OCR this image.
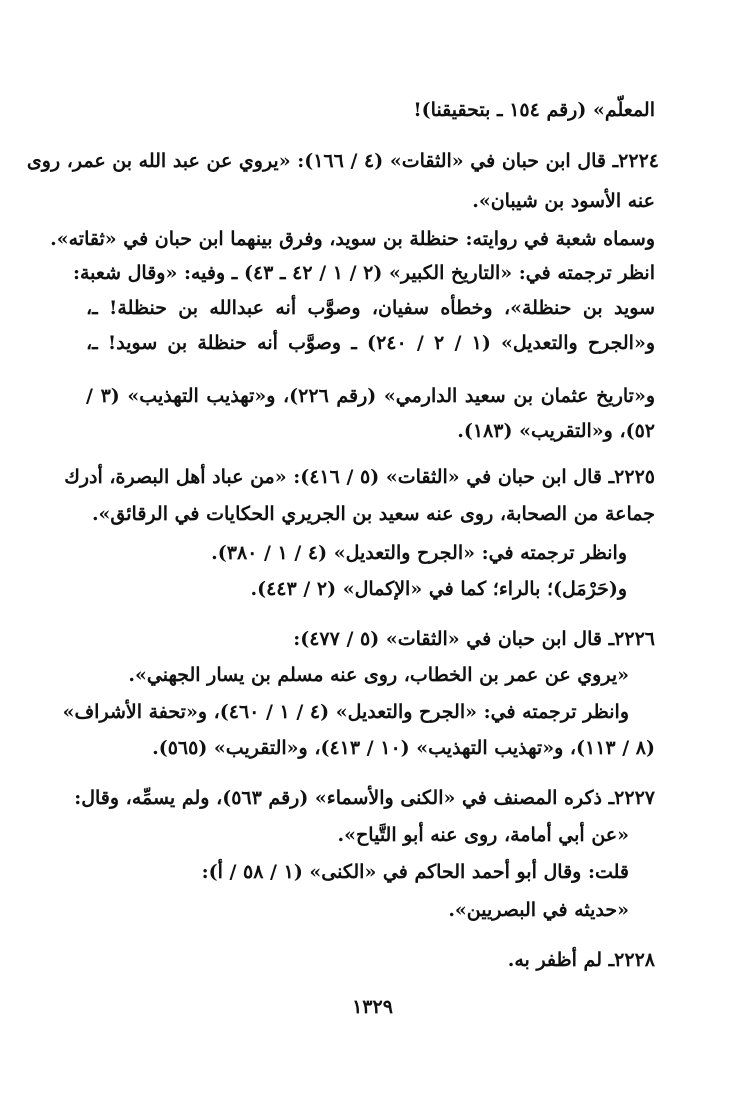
المعلّم» (رقم ١٥٤ ـ بتحقيقنا)!
٢٢٢٤ـ قال ابن حبان في «الثقات» (٤ / ١٦٦): «يروي عن عبد الله بن عمر، روى
عنه الأسود بن شيبان».
وسماه شعبة في روايته: حنظلة بن سويد، وفرق بينهما ابن حبان في «ثقاته».
انظر ترجمته في: «التاريخ الكبير» (٢ / ١ / ٤٢ ـ ٤٣) ـ وفيه: «وقال شعبة:
سويد بن حنظلة»، وخطأه سفيان، وصوَّب أنه عبدالله بن حنظلة! ـ،
و«الجرح والتعديل» (١ / ٢ / ٢٤٠) ـ وصوَّب أنه حنظلة بن سويد! ـ،
و«تاريخ عثمان بن سعيد الدارمي» (رقم ٢٢٦)، و«تهذيب التهذيب» (٣ /
٥٢)، و«التقريب» (١٨٣).
٢٢٢٥ـ قال ابن حبان في «الثقات» (٥ / ٤١٦): «من عباد أهل البصرة، أدرك
جماعة من الصحابة، روى عنه سعيد بن الجريري الحكايات في الرقائق».
وانظر ترجمته في: «الجرح والتعديل» (٤ / ١ / ٣٨٠).
و(حَرْمَل)؛ بالراء؛ كما في «الإكمال» (٢ / ٤٤٣).
٢٢٢٦ـ قال ابن حبان في «الثقات» (٥ / ٤٧٧):
«يروي عن عمر بن الخطاب، روى عنه مسلم بن يسار الجهني».
وانظر ترجمته في: «الجرح والتعديل» (٤ / ١ / ٤٦٠)، و«تحفة الأشراف»
(٨ / ١١٣)، و«تهذيب التهذيب» (١٠ / ٤١٣)، و«التقريب» (٥٦٥).
٢٢٢٧ـ ذكره المصنف في «الكنى والأسماء» (رقم ٥٦٣)، ولم يسمِّه، وقال:
«عن أبي أمامة، روى عنه أبو التَّياح».
قلت: وقال أبو أحمد الحاكم في «الكنى» (١ / ٥٨ / أ):
«حديثه في البصريين».
٢٢٢٨ـ لم أظفر به.
١٣٢٩
